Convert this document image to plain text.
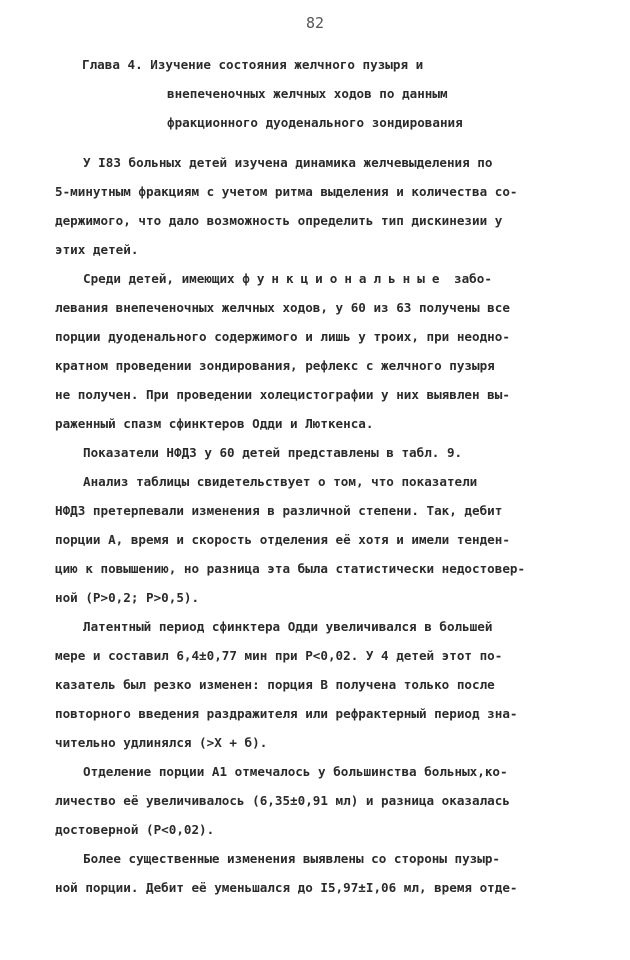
82
Глава 4. Изучение состояния желчного пузыря и
внепеченочных желчных ходов по данным
фракционного дуоденального зондирования

У I83 больных детей изучена динамика желчевыделения по
5-минутным фракциям с учетом ритма выделения и количества со-
держимого, что дало возможность определить тип дискинезии у
этих детей.

Среди детей, имеющих функциональные забо-
левания внепеченочных желчных ходов, у 60 из 63 получены все
порции дуоденального содержимого и лишь у троих, при неодно-
кратном проведении зондирования, рефлекс с желчного пузыря
не получен. При проведении холецистографии у них выявлен вы-
раженный спазм сфинктеров Одди и Люткенса.

Показатели НФДЗ у 60 детей представлены в табл. 9.

Анализ таблицы свидетельствует о том, что показатели
НФДЗ претерпевали изменения в различной степени. Так, дебит
порции А, время и скорость отделения её хотя и имели тенден-
цию к повышению, но разница эта была статистически недостовер-
ной (Р>0,2; Р>0,5).

Латентный период сфинктера Одди увеличивался в большей
мере и составил 6,4±0,77 мин при Р<0,02. У 4 детей этот по-
казатель был резко изменен: порция В получена только после
повторного введения раздражителя или рефрактерный период зна-
чительно удлинялся (>Х + б).

Отделение порции А1 отмечалось у большинства больных,ко-
личество её увеличивалось (6,35±0,91 мл) и разница оказалась
достоверной (Р<0,02).

Более существенные изменения выявлены со стороны пузыр-
ной порции. Дебит её уменьшался до I5,97±I,06 мл, время отде-
